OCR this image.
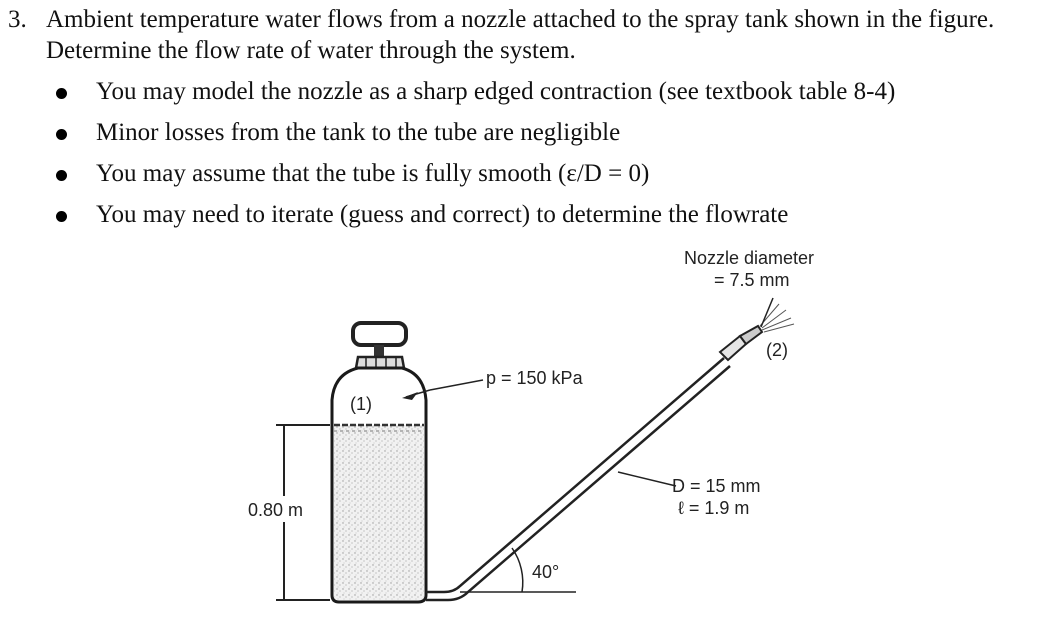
3. Ambient temperature water flows from a nozzle attached to the spray tank shown in the figure. Determine the flow rate of water through the system.
You may model the nozzle as a sharp edged contraction (see textbook table 8-4)
Minor losses from the tank to the tube are negligible
You may assume that the tube is fully smooth (ε/D = 0)
You may need to iterate (guess and correct) to determine the flowrate
Nozzle diameter
= 7.5 mm
(2)
p = 150 kPa
(1)
0.80 m
D = 15 mm
ℓ = 1.9 m
40°
